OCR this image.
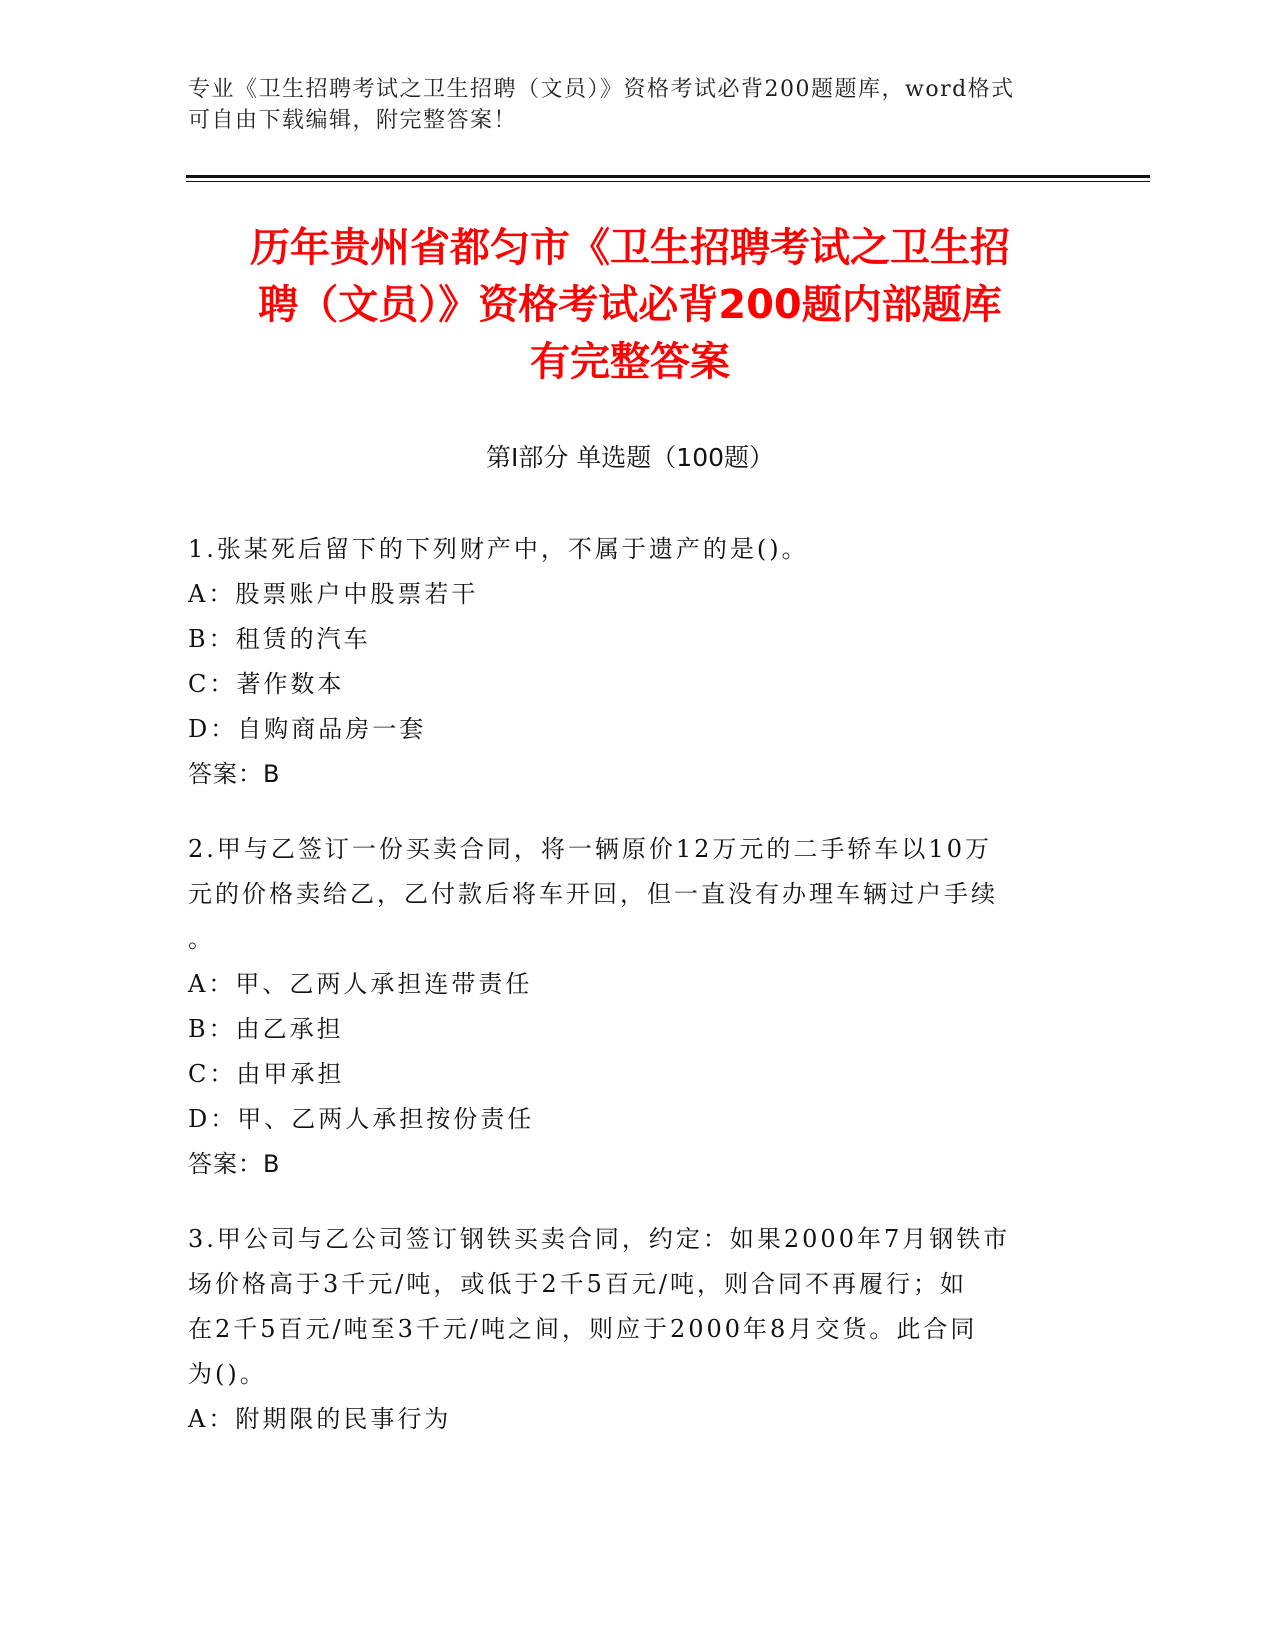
专业《卫生招聘考试之卫生招聘（文员）》资格考试必背200题题库，word格式

可自由下载编辑，附完整答案！

历年贵州省都匀市《卫生招聘考试之卫生招

聘（文员）》资格考试必背200题内部题库

有完整答案

第Ⅰ部分 单选题（100题）

1.张某死后留下的下列财产中，不属于遗产的是()。

A：股票账户中股票若干

B：租赁的汽车

C：著作数本

D：自购商品房一套

答案：B

2.甲与乙签订一份买卖合同，将一辆原价12万元的二手轿车以10万

元的价格卖给乙，乙付款后将车开回，但一直没有办理车辆过户手续

。

A：甲、乙两人承担连带责任

B：由乙承担

C：由甲承担

D：甲、乙两人承担按份责任

答案：B

3.甲公司与乙公司签订钢铁买卖合同，约定：如果2000年7月钢铁市

场价格高于3千元/吨，或低于2千5百元/吨，则合同不再履行；如

在2千5百元/吨至3千元/吨之间，则应于2000年8月交货。此合同

为()。

A：附期限的民事行为
